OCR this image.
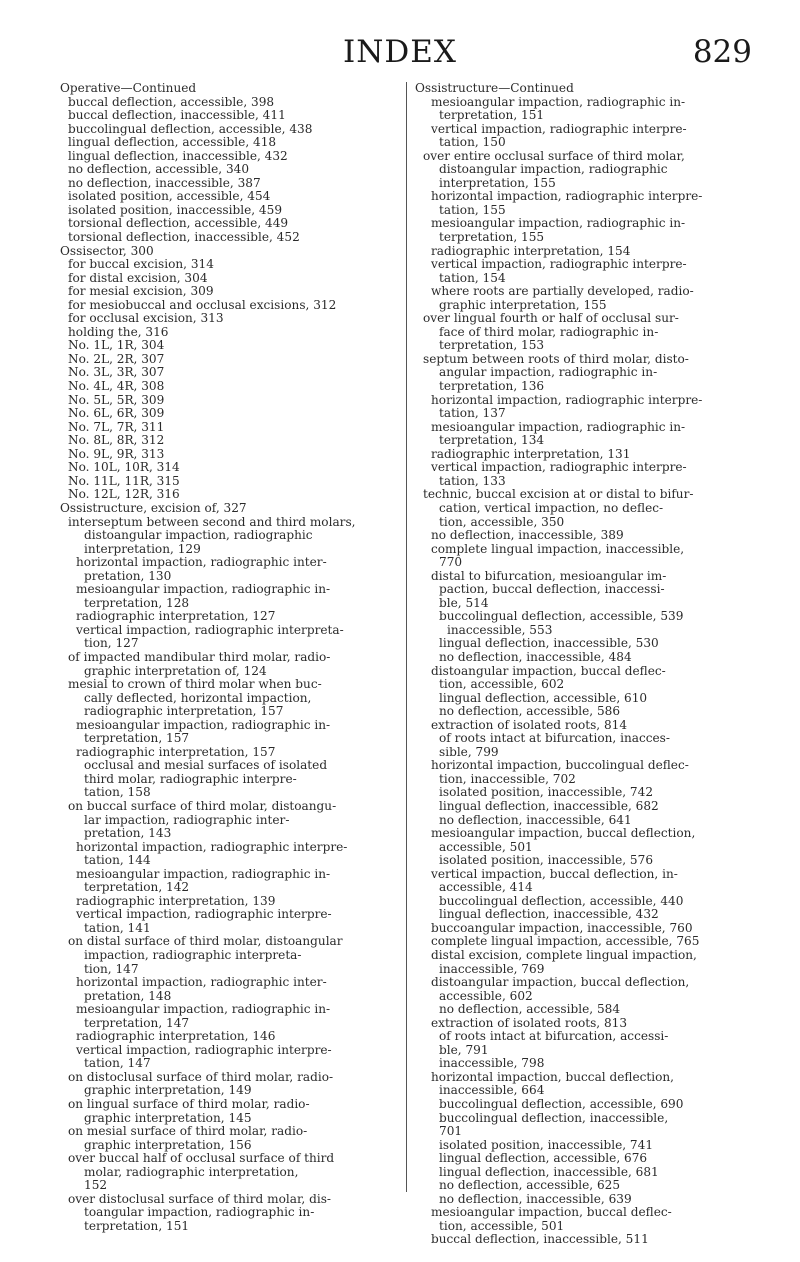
INDEX	829
Operative—Continued
buccal deflection, accessible, 398
buccal deflection, inaccessible, 411
buccolingual deflection, accessible, 438
lingual deflection, accessible, 418
lingual deflection, inaccessible, 432
no deflection, accessible, 340
no deflection, inaccessible, 387
isolated position, accessible, 454
isolated position, inaccessible, 459
torsional deflection, accessible, 449
torsional deflection, inaccessible, 452
Ossisector, 300
for buccal excision, 314
for distal excision, 304
for mesial excision, 309
for mesiobuccal and occlusal excisions, 312
for occlusal excision, 313
holding the, 316
No. 1L, 1R, 304
No. 2L, 2R, 307
No. 3L, 3R, 307
No. 4L, 4R, 308
No. 5L, 5R, 309
No. 6L, 6R, 309
No. 7L, 7R, 311
No. 8L, 8R, 312
No. 9L, 9R, 313
No. 10L, 10R, 314
No. 11L, 11R, 315
No. 12L, 12R, 316
Ossistructure, excision of, 327
interseptum between second and third molars,
distoangular impaction, radiographic
interpretation, 129
horizontal impaction, radiographic inter-
pretation, 130
mesioangular impaction, radiographic in-
terpretation, 128
radiographic interpretation, 127
vertical impaction, radiographic interpreta-
tion, 127
of impacted mandibular third molar, radio-
graphic interpretation of, 124
mesial to crown of third molar when buc-
cally deflected, horizontal impaction,
radiographic interpretation, 157
mesioangular impaction, radiographic in-
terpretation, 157
radiographic interpretation, 157
occlusal and mesial surfaces of isolated
third molar, radiographic interpre-
tation, 158
on buccal surface of third molar, distoangu-
lar impaction, radiographic inter-
pretation, 143
horizontal impaction, radiographic interpre-
tation, 144
mesioangular impaction, radiographic in-
terpretation, 142
radiographic interpretation, 139
vertical impaction, radiographic interpre-
tation, 141
on distal surface of third molar, distoangular
impaction, radiographic interpreta-
tion, 147
horizontal impaction, radiographic inter-
pretation, 148
mesioangular impaction, radiographic in-
terpretation, 147
radiographic interpretation, 146
vertical impaction, radiographic interpre-
tation, 147
on distoclusal surface of third molar, radio-
graphic interpretation, 149
on lingual surface of third molar, radio-
graphic interpretation, 145
on mesial surface of third molar, radio-
graphic interpretation, 156
over buccal half of occlusal surface of third
molar, radiographic interpretation,
152
over distoclusal surface of third molar, dis-
toangular impaction, radiographic in-
terpretation, 151
Ossistructure—Continued
mesioangular impaction, radiographic in-
terpretation, 151
vertical impaction, radiographic interpre-
tation, 150
over entire occlusal surface of third molar,
distoangular impaction, radiographic
interpretation, 155
horizontal impaction, radiographic interpre-
tation, 155
mesioangular impaction, radiographic in-
terpretation, 155
radiographic interpretation, 154
vertical impaction, radiographic interpre-
tation, 154
where roots are partially developed, radio-
graphic interpretation, 155
over lingual fourth or half of occlusal sur-
face of third molar, radiographic in-
terpretation, 153
septum between roots of third molar, disto-
angular impaction, radiographic in-
terpretation, 136
horizontal impaction, radiographic interpre-
tation, 137
mesioangular impaction, radiographic in-
terpretation, 134
radiographic interpretation, 131
vertical impaction, radiographic interpre-
tation, 133
technic, buccal excision at or distal to bifur-
cation, vertical impaction, no deflec-
tion, accessible, 350
no deflection, inaccessible, 389
complete lingual impaction, inaccessible,
770
distal to bifurcation, mesioangular im-
paction, buccal deflection, inaccessi-
ble, 514
buccolingual deflection, accessible, 539
inaccessible, 553
lingual deflection, inaccessible, 530
no deflection, inaccessible, 484
distoangular impaction, buccal deflec-
tion, accessible, 602
lingual deflection, accessible, 610
no deflection, accessible, 586
extraction of isolated roots, 814
of roots intact at bifurcation, inacces-
sible, 799
horizontal impaction, buccolingual deflec-
tion, inaccessible, 702
isolated position, inaccessible, 742
lingual deflection, inaccessible, 682
no deflection, inaccessible, 641
mesioangular impaction, buccal deflection,
accessible, 501
isolated position, inaccessible, 576
vertical impaction, buccal deflection, in-
accessible, 414
buccolingual deflection, accessible, 440
lingual deflection, inaccessible, 432
buccoangular impaction, inaccessible, 760
complete lingual impaction, accessible, 765
distal excision, complete lingual impaction,
inaccessible, 769
distoangular impaction, buccal deflection,
accessible, 602
no deflection, accessible, 584
extraction of isolated roots, 813
of roots intact at bifurcation, accessi-
ble, 791
inaccessible, 798
horizontal impaction, buccal deflection,
inaccessible, 664
buccolingual deflection, accessible, 690
buccolingual deflection, inaccessible,
701
isolated position, inaccessible, 741
lingual deflection, accessible, 676
lingual deflection, inaccessible, 681
no deflection, accessible, 625
no deflection, inaccessible, 639
mesioangular impaction, buccal deflec-
tion, accessible, 501
buccal deflection, inaccessible, 511
